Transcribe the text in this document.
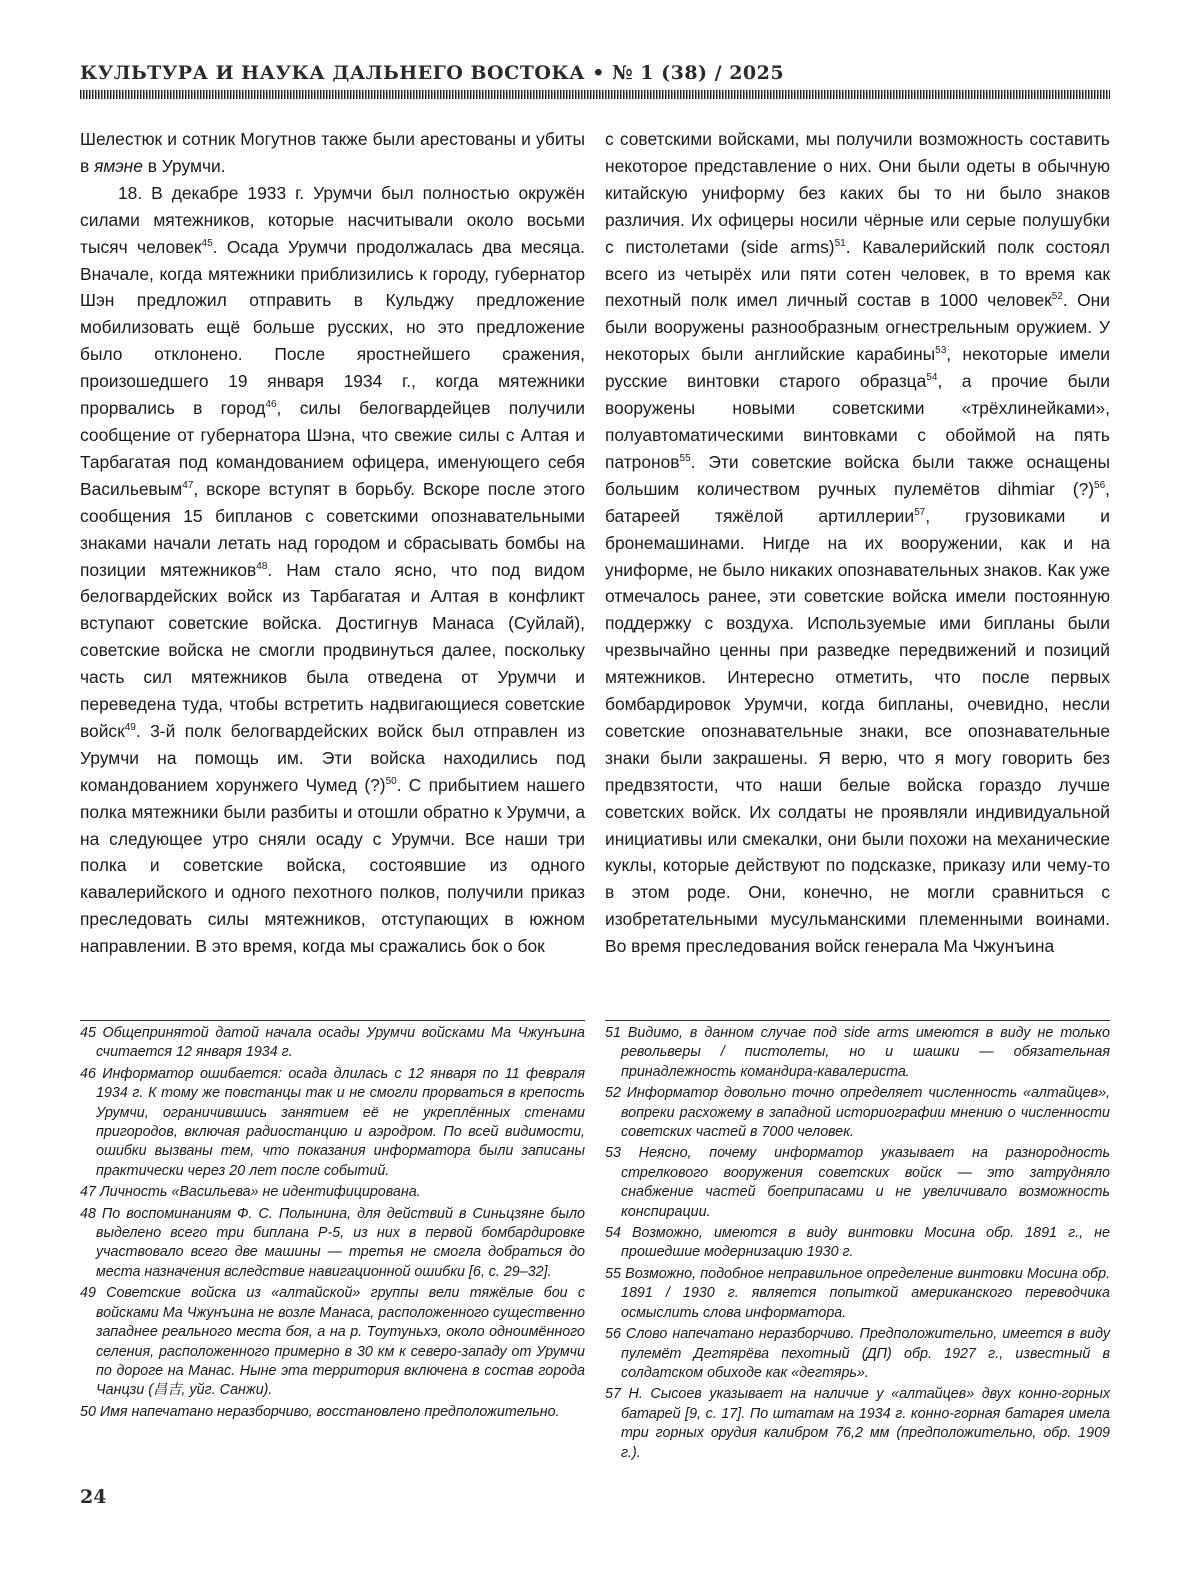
КУЛЬТУРА И НАУКА ДАЛЬНЕГО ВОСТОКА • № 1 (38) / 2025

Шелестюк и сотник Могутнов также были арестованы и убиты в ямэне в Урумчи.

18. В декабре 1933 г. Урумчи был полностью окружён силами мятежников, которые насчитывали около восьми тысяч человек$^{45}$. Осада Урумчи продолжалась два месяца. Вначале, когда мятежники приблизились к городу, губернатор Шэн предложил отправить в Кульджу предложение мобилизовать ещё больше русских, но это предложение было отклонено. После яростнейшего сражения, произошедшего 19 января 1934 г., когда мятежники прорвались в город$^{46}$, силы белогвардейцев получили сообщение от губернатора Шэна, что свежие силы с Алтая и Тарбагатая под командованием офицера, именующего себя Васильевым$^{47}$, вскоре вступят в борьбу. Вскоре после этого сообщения 15 бипланов с советскими опознавательными знаками начали летать над городом и сбрасывать бомбы на позиции мятежников$^{48}$. Нам стало ясно, что под видом белогвардейских войск из Тарбагатая и Алтая в конфликт вступают советские войска. Достигнув Манаса (Суйлай), советские войска не смогли продвинуться далее, поскольку часть сил мятежников была отведена от Урумчи и переведена туда, чтобы встретить надвигающиеся советские войск$^{49}$. 3-й полк белогвардейских войск был отправлен из Урумчи на помощь им. Эти войска находились под командованием хорунжего Чумед (?)$^{50}$. С прибытием нашего полка мятежники были разбиты и отошли обратно к Урумчи, а на следующее утро сняли осаду с Урумчи. Все наши три полка и советские войска, состоявшие из одного кавалерийского и одного пехотного полков, получили приказ преследовать силы мятежников, отступающих в южном направлении. В это время, когда мы сражались бок о бок

с советскими войсками, мы получили возможность составить некоторое представление о них. Они были одеты в обычную китайскую униформу без каких бы то ни было знаков различия. Их офицеры носили чёрные или серые полушубки с пистолетами (side arms)$^{51}$. Кавалерийский полк состоял всего из четырёх или пяти сотен человек, в то время как пехотный полк имел личный состав в 1000 человек$^{52}$. Они были вооружены разнообразным огнестрельным оружием. У некоторых были английские карабины$^{53}$, некоторые имели русские винтовки старого образца$^{54}$, а прочие были вооружены новыми советскими «трёхлинейками», полуавтоматическими винтовками с обоймой на пять патронов$^{55}$. Эти советские войска были также оснащены большим количеством ручных пулемётов dihmiar (?)$^{56}$, батареей тяжёлой артиллерии$^{57}$, грузовиками и бронемашинами. Нигде на их вооружении, как и на униформе, не было никаких опознавательных знаков. Как уже отмечалось ранее, эти советские войска имели постоянную поддержку с воздуха. Используемые ими бипланы были чрезвычайно ценны при разведке передвижений и позиций мятежников. Интересно отметить, что после первых бомбардировок Урумчи, когда бипланы, очевидно, несли советские опознавательные знаки, все опознавательные знаки были закрашены. Я верю, что я могу говорить без предвзятости, что наши белые войска гораздо лучше советских войск. Их солдаты не проявляли индивидуальной инициативы или смекалки, они были похожи на механические куклы, которые действуют по подсказке, приказу или чему-то в этом роде. Они, конечно, не могли сравниться с изобретательными мусульманскими племенными воинами. Во время преследования войск генерала Ма Чжунъина

45 Общепринятой датой начала осады Урумчи войсками Ма Чжунъина считается 12 января 1934 г.

46 Информатор ошибается: осада длилась с 12 января по 11 февраля 1934 г. К тому же повстанцы так и не смогли прорваться в крепость Урумчи, ограничившись занятием её не укреплённых стенами пригородов, включая радиостанцию и аэродром. По всей видимости, ошибки вызваны тем, что показания информатора были записаны практически через 20 лет после событий.

47 Личность «Васильева» не идентифицирована.

48 По воспоминаниям Ф. С. Полынина, для действий в Синьцзяне было выделено всего три биплана Р-5, из них в первой бомбардировке участвовало всего две машины — третья не смогла добраться до места назначения вследствие навигационной ошибки [6, с. 29–32].

49 Советские войска из «алтайской» группы вели тяжёлые бои с войсками Ма Чжунъина не возле Манаса, расположенного существенно западнее реального места боя, а на р. Тоутуньхэ, около одноимённого селения, расположенного примерно в 30 км к северо-западу от Урумчи по дороге на Манас. Ныне эта территория включена в состав города Чанцзи (昌吉, уйг. Санжи).

50 Имя напечатано неразборчиво, восстановлено предположительно.

51 Видимо, в данном случае под side arms имеются в виду не только револьверы / пистолеты, но и шашки — обязательная принадлежность командира-кавалериста.

52 Информатор довольно точно определяет численность «алтайцев», вопреки расхожему в западной историографии мнению о численности советских частей в 7000 человек.

53 Неясно, почему информатор указывает на разнородность стрелкового вооружения советских войск — это затрудняло снабжение частей боеприпасами и не увеличивало возможность конспирации.

54 Возможно, имеются в виду винтовки Мосина обр. 1891 г., не прошедшие модернизацию 1930 г.

55 Возможно, подобное неправильное определение винтовки Мосина обр. 1891 / 1930 г. является попыткой американского переводчика осмыслить слова информатора.

56 Слово напечатано неразборчиво. Предположительно, имеется в виду пулемёт Дегтярёва пехотный (ДП) обр. 1927 г., известный в солдатском обиходе как «дегтярь».

57 Н. Сысоев указывает на наличие у «алтайцев» двух конно-горных батарей [9, с. 17]. По штатам на 1934 г. конно-горная батарея имела три горных орудия калибром 76,2 мм (предположительно, обр. 1909 г.).

24
